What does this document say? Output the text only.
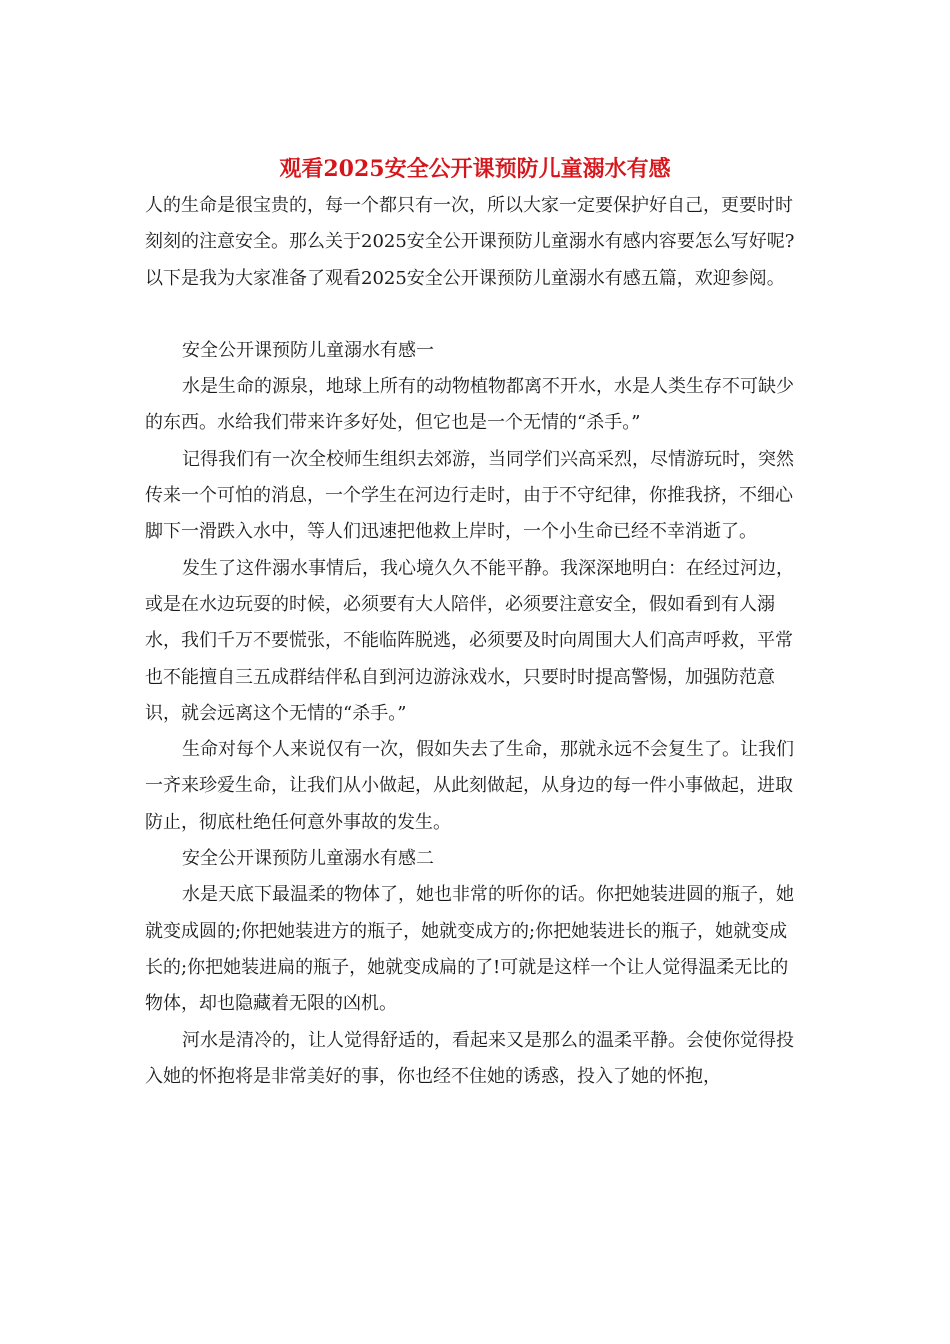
观看2025安全公开课预防儿童溺水有感

人的生命是很宝贵的，每一个都只有一次，所以大家一定要保护好自己，更要时时刻刻的注意安全。那么关于2025安全公开课预防儿童溺水有感内容要怎么写好呢?以下是我为大家准备了观看2025安全公开课预防儿童溺水有感五篇，欢迎参阅。

安全公开课预防儿童溺水有感一

水是生命的源泉，地球上所有的动物植物都离不开水，水是人类生存不可缺少的东西。水给我们带来许多好处，但它也是一个无情的“杀手。”

记得我们有一次全校师生组织去郊游，当同学们兴高采烈，尽情游玩时，突然传来一个可怕的消息，一个学生在河边行走时，由于不守纪律，你推我挤，不细心脚下一滑跌入水中，等人们迅速把他救上岸时，一个小生命已经不幸消逝了。

发生了这件溺水事情后，我心境久久不能平静。我深深地明白：在经过河边，或是在水边玩耍的时候，必须要有大人陪伴，必须要注意安全，假如看到有人溺水，我们千万不要慌张，不能临阵脱逃，必须要及时向周围大人们高声呼救，平常也不能擅自三五成群结伴私自到河边游泳戏水，只要时时提高警惕，加强防范意识，就会远离这个无情的“杀手。”

生命对每个人来说仅有一次，假如失去了生命，那就永远不会复生了。让我们一齐来珍爱生命，让我们从小做起，从此刻做起，从身边的每一件小事做起，进取防止，彻底杜绝任何意外事故的发生。

安全公开课预防儿童溺水有感二

水是天底下最温柔的物体了，她也非常的听你的话。你把她装进圆的瓶子，她就变成圆的;你把她装进方的瓶子，她就变成方的;你把她装进长的瓶子，她就变成长的;你把她装进扁的瓶子，她就变成扁的了!可就是这样一个让人觉得温柔无比的物体，却也隐藏着无限的凶机。

河水是清冷的，让人觉得舒适的，看起来又是那么的温柔平静。会使你觉得投入她的怀抱将是非常美好的事，你也经不住她的诱惑，投入了她的怀抱，
